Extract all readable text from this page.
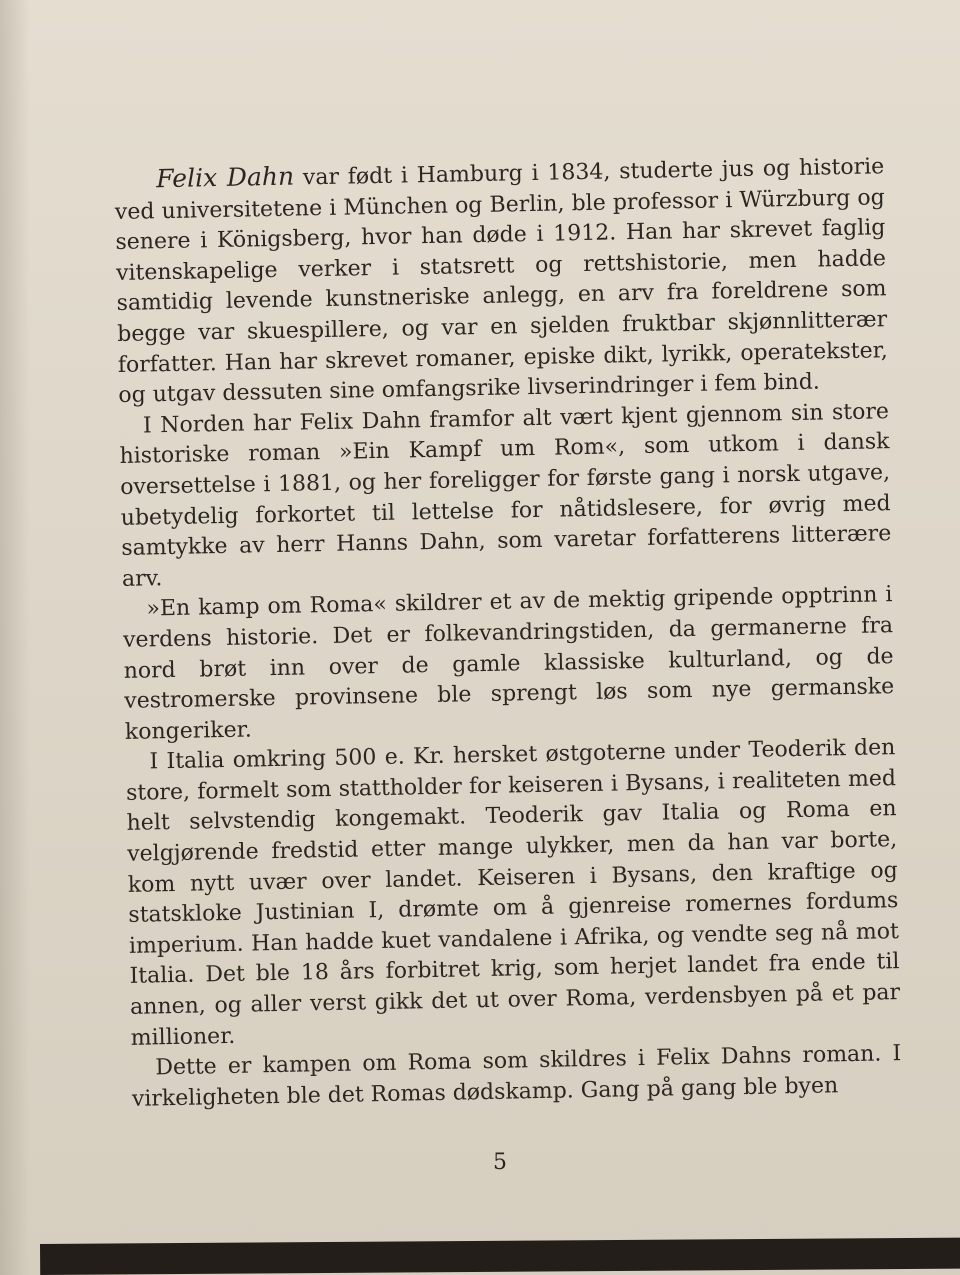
Felix Dahn var født i Hamburg i 1834, studerte jus og historie ved universitetene i München og Berlin, ble professor i Würzburg og senere i Königsberg, hvor han døde i 1912. Han har skrevet faglig vitenskapelige verker i statsrett og rettshistorie, men hadde samtidig levende kunstneriske anlegg, en arv fra foreldrene som begge var skuespillere, og var en sjelden fruktbar skjønnlitterær forfatter. Han har skrevet romaner, episke dikt, lyrikk, operatekster, og utgav dessuten sine omfangsrike livserindringer i fem bind.

I Norden har Felix Dahn framfor alt vært kjent gjennom sin store historiske roman »Ein Kampf um Rom«, som utkom i dansk oversettelse i 1881, og her foreligger for første gang i norsk utgave, ubetydelig forkortet til lettelse for nåtidslesere, for øvrig med samtykke av herr Hanns Dahn, som varetar forfatterens litterære arv.

»En kamp om Roma« skildrer et av de mektig gripende opptrinn i verdens historie. Det er folkevandringstiden, da germanerne fra nord brøt inn over de gamle klassiske kulturland, og de vestromerske provinsene ble sprengt løs som nye germanske kongeriker.

I Italia omkring 500 e. Kr. hersket østgoterne under Teoderik den store, formelt som stattholder for keiseren i Bysans, i realiteten med helt selvstendig kongemakt. Teoderik gav Italia og Roma en velgjørende fredstid etter mange ulykker, men da han var borte, kom nytt uvær over landet. Keiseren i Bysans, den kraftige og statskloke Justinian I, drømte om å gjenreise romernes fordums imperium. Han hadde kuet vandalene i Afrika, og vendte seg nå mot Italia. Det ble 18 års forbitret krig, som herjet landet fra ende til annen, og aller verst gikk det ut over Roma, verdensbyen på et par millioner.

Dette er kampen om Roma som skildres i Felix Dahns roman. I virkeligheten ble det Romas dødskamp. Gang på gang ble byen

5
